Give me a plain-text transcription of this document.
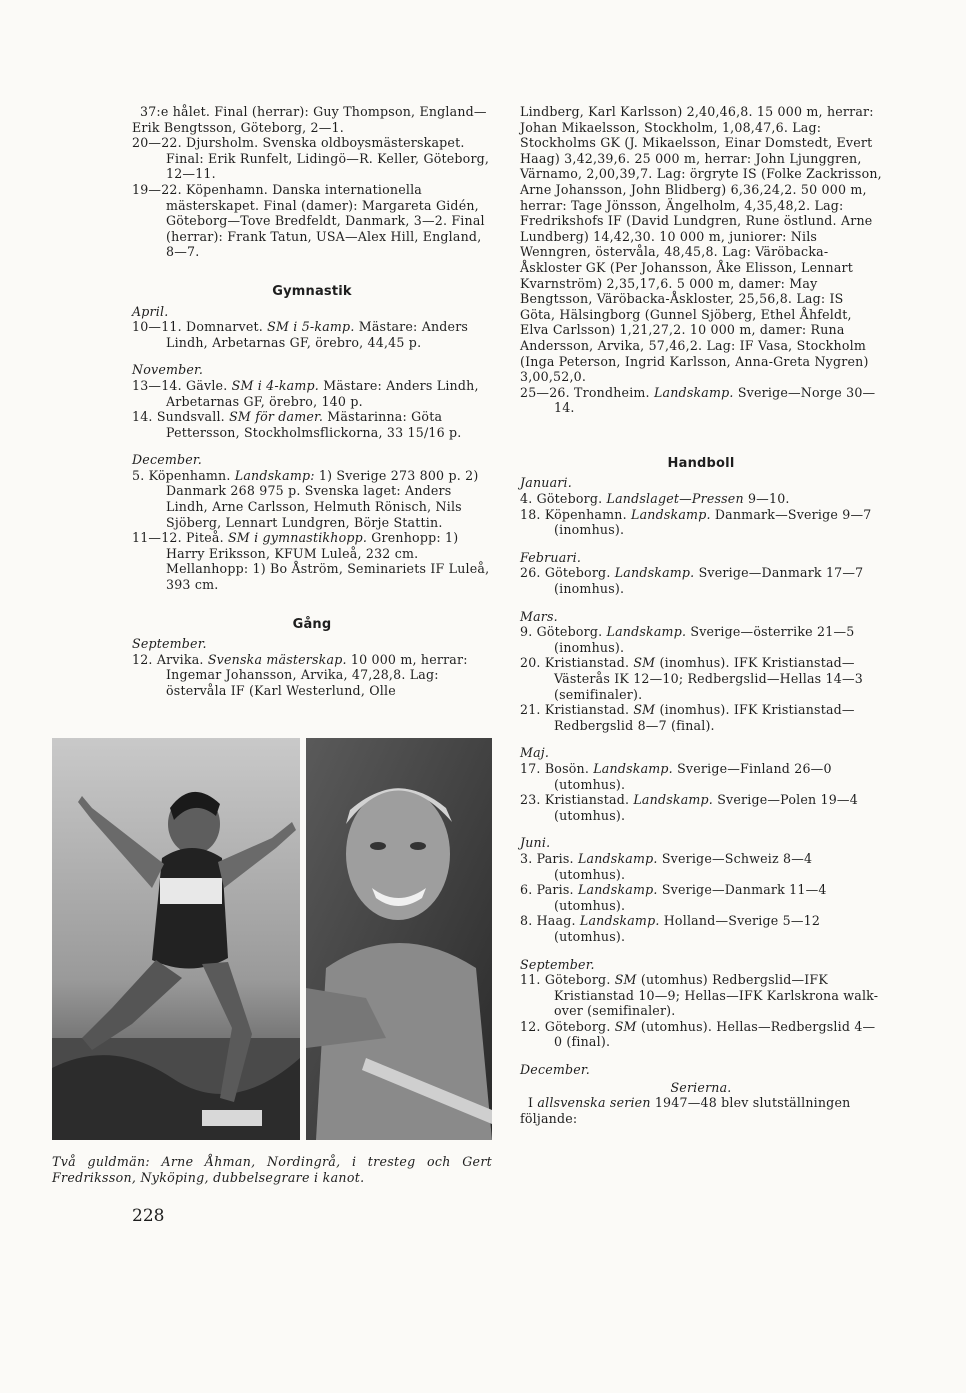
37:e hålet. Final (herrar): Guy Thompson, England—Erik Bengtsson, Göteborg, 2—1.
20—22. Djursholm. Svenska oldboysmästerskapet. Final: Erik Runfelt, Lidingö—R. Keller, Göteborg, 12—11.
19—22. Köpenhamn. Danska internationella mästerskapet. Final (damer): Margareta Gidén, Göteborg—Tove Bredfeldt, Danmark, 3—2. Final (herrar): Frank Tatun, USA—Alex Hill, England, 8—7.
Gymnastik
April.
10—11. Domnarvet. SM i 5-kamp. Mästare: Anders Lindh, Arbetarnas GF, örebro, 44,45 p.
November.
13—14. Gävle. SM i 4-kamp. Mästare: Anders Lindh, Arbetarnas GF, örebro, 140 p.
14. Sundsvall. SM för damer. Mästarinna: Göta Pettersson, Stockholmsflickorna, 33 15/16 p.
December.
5. Köpenhamn. Landskamp: 1) Sverige 273 800 p. 2) Danmark 268 975 p. Svenska laget: Anders Lindh, Arne Carlsson, Helmuth Rönisch, Nils Sjöberg, Lennart Lundgren, Börje Stattin.
11—12. Piteå. SM i gymnastikhopp. Grenhopp: 1) Harry Eriksson, KFUM Luleå, 232 cm. Mellanhopp: 1) Bo Åström, Seminariets IF Luleå, 393 cm.
Gång
September.
12. Arvika. Svenska mästerskap. 10 000 m, herrar: Ingemar Johansson, Arvika, 47,28,8. Lag: östervåla IF (Karl Westerlund, Olle
Två guldmän: Arne Åhman, Nordingrå, i tresteg och Gert Fredriksson, Nyköping, dubbelsegrare i kanot.
228
Lindberg, Karl Karlsson) 2,40,46,8. 15 000 m, herrar: Johan Mikaelsson, Stockholm, 1,08,47,6. Lag: Stockholms GK (J. Mikaelsson, Einar Domstedt, Evert Haag) 3,42,39,6. 25 000 m, herrar: John Ljunggren, Värnamo, 2,00,39,7. Lag: örgryte IS (Folke Zackrisson, Arne Johansson, John Blidberg) 6,36,24,2. 50 000 m, herrar: Tage Jönsson, Ängelholm, 4,35,48,2. Lag: Fredrikshofs IF (David Lundgren, Rune östlund. Arne Lundberg) 14,42,30. 10 000 m, juniorer: Nils Wenngren, östervåla, 48,45,8. Lag: Väröbacka-Åskloster GK (Per Johansson, Åke Elisson, Lennart Kvarnström) 2,35,17,6. 5 000 m, damer: May Bengtsson, Väröbacka-Åskloster, 25,56,8. Lag: IS Göta, Hälsingborg (Gunnel Sjöberg, Ethel Åhfeldt, Elva Carlsson) 1,21,27,2. 10 000 m, damer: Runa Andersson, Arvika, 57,46,2. Lag: IF Vasa, Stockholm (Inga Peterson, Ingrid Karlsson, Anna-Greta Nygren) 3,00,52,0.
25—26. Trondheim. Landskamp. Sverige—Norge 30—14.
Handboll
Januari.
4. Göteborg. Landslaget—Pressen 9—10.
18. Köpenhamn. Landskamp. Danmark—Sverige 9—7 (inomhus).
Februari.
26. Göteborg. Landskamp. Sverige—Danmark 17—7 (inomhus).
Mars.
9. Göteborg. Landskamp. Sverige—österrike 21—5 (inomhus).
20. Kristianstad. SM (inomhus). IFK Kristianstad—Västerås IK 12—10; Redbergslid—Hellas 14—3 (semifinaler).
21. Kristianstad. SM (inomhus). IFK Kristianstad—Redbergslid 8—7 (final).
Maj.
17. Bosön. Landskamp. Sverige—Finland 26—0 (utomhus).
23. Kristianstad. Landskamp. Sverige—Polen 19—4 (utomhus).
Juni.
3. Paris. Landskamp. Sverige—Schweiz 8—4 (utomhus).
6. Paris. Landskamp. Sverige—Danmark 11—4 (utomhus).
8. Haag. Landskamp. Holland—Sverige 5—12 (utomhus).
September.
11. Göteborg. SM (utomhus) Redbergslid—IFK Kristianstad 10—9; Hellas—IFK Karlskrona walk-over (semifinaler).
12. Göteborg. SM (utomhus). Hellas—Redbergslid 4—0 (final).
December.
Serierna.
I allsvenska serien 1947—48 blev slutställningen följande:
